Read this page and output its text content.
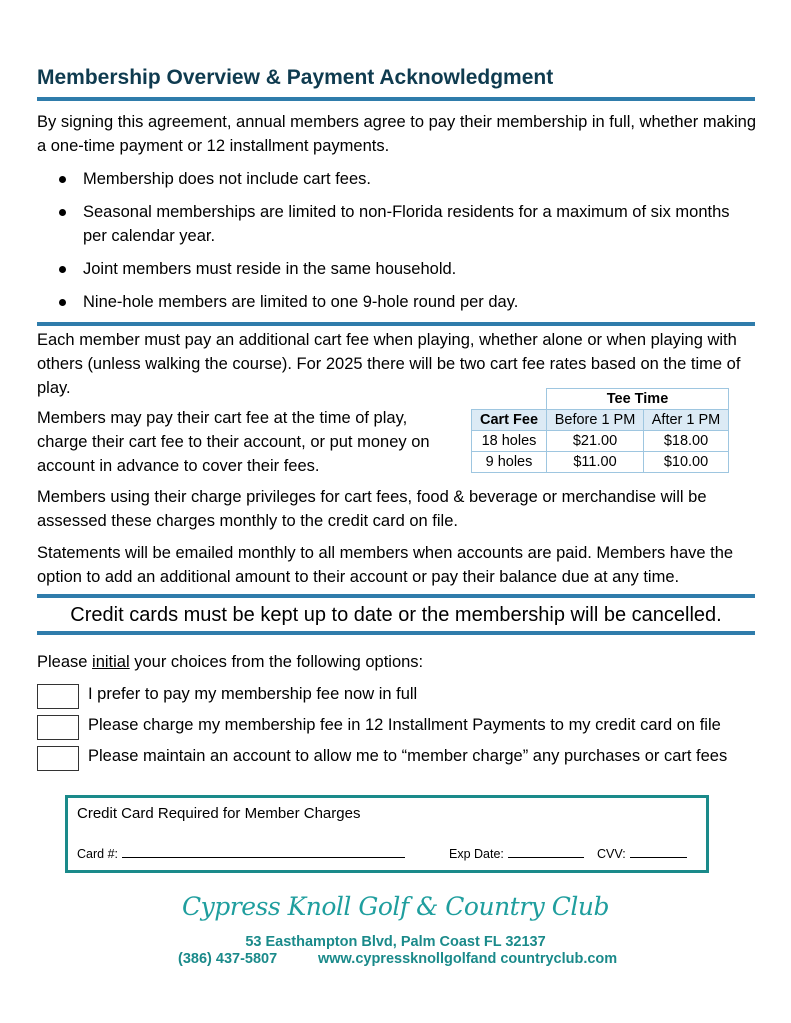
Membership Overview & Payment Acknowledgment
By signing this agreement, annual members agree to pay their membership in full, whether making a one-time payment or 12 installment payments.
Membership does not include cart fees.
Seasonal memberships are limited to non-Florida residents for a maximum of six months per calendar year.
Joint members must reside in the same household.
Nine-hole members are limited to one 9-hole round per day.
Each member must pay an additional cart fee when playing, whether alone or when playing with others (unless walking the course). For 2025 there will be two cart fee rates based on the time of play.
Members may pay their cart fee at the time of play, charge their cart fee to their account, or put money on account in advance to cover their fees.
	Tee Time	
Cart Fee	Before 1 PM	After 1 PM
18 holes	$21.00	$18.00
9 holes	$11.00	$10.00
Members using their charge privileges for cart fees, food & beverage or merchandise will be assessed these charges monthly to the credit card on file.
Statements will be emailed monthly to all members when accounts are paid. Members have the option to add an additional amount to their account or pay their balance due at any time.
Credit cards must be kept up to date or the membership will be cancelled.
Please initial your choices from the following options:
I prefer to pay my membership fee now in full
Please charge my membership fee in 12 Installment Payments to my credit card on file
Please maintain an account to allow me to “member charge” any purchases or cart fees
Credit Card Required for Member Charges
Card #:	Exp Date:	CVV:
Cypress Knoll Golf & Country Club
53 Easthampton Blvd, Palm Coast FL 32137
(386) 437-5807	www.cypressknollgolfand countryclub.com
